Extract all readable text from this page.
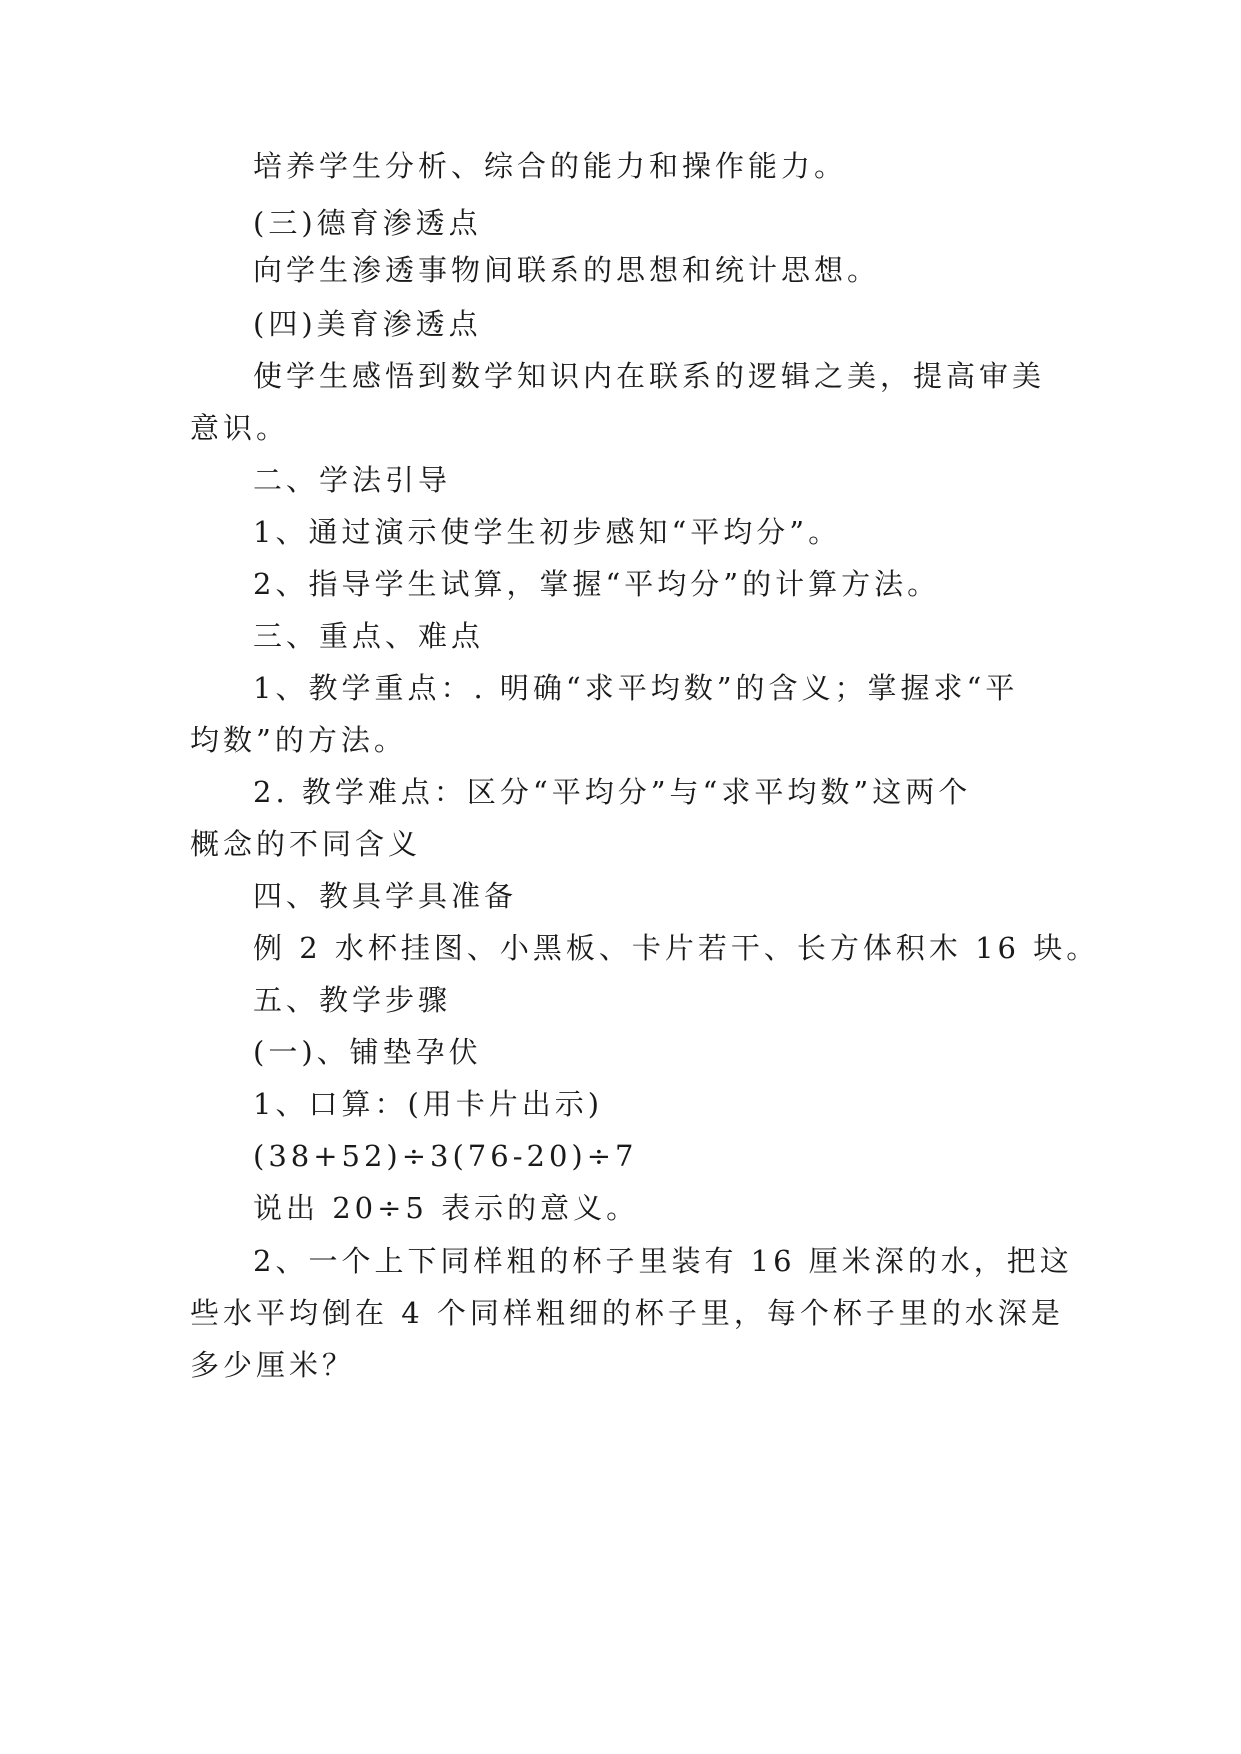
培养学生分析、综合的能力和操作能力。
(三)德育渗透点
向学生渗透事物间联系的思想和统计思想。
(四)美育渗透点
使学生感悟到数学知识内在联系的逻辑之美，提高审美
意识。
二、学法引导
1、通过演示使学生初步感知“平均分”。
2、指导学生试算，掌握“平均分”的计算方法。
三、重点、难点
1、教学重点：. 明确“求平均数”的含义；掌握求“平
均数”的方法。
2. 教学难点：区分“平均分”与“求平均数”这两个
概念的不同含义
四、教具学具准备
例 2 水杯挂图、小黑板、卡片若干、长方体积木 16 块。
五、教学步骤
(一)、铺垫孕伏
1、口算：(用卡片出示)
(38+52)÷3(76-20)÷7
说出 20÷5 表示的意义。
2、一个上下同样粗的杯子里装有 16 厘米深的水，把这
些水平均倒在 4 个同样粗细的杯子里，每个杯子里的水深是
多少厘米？
